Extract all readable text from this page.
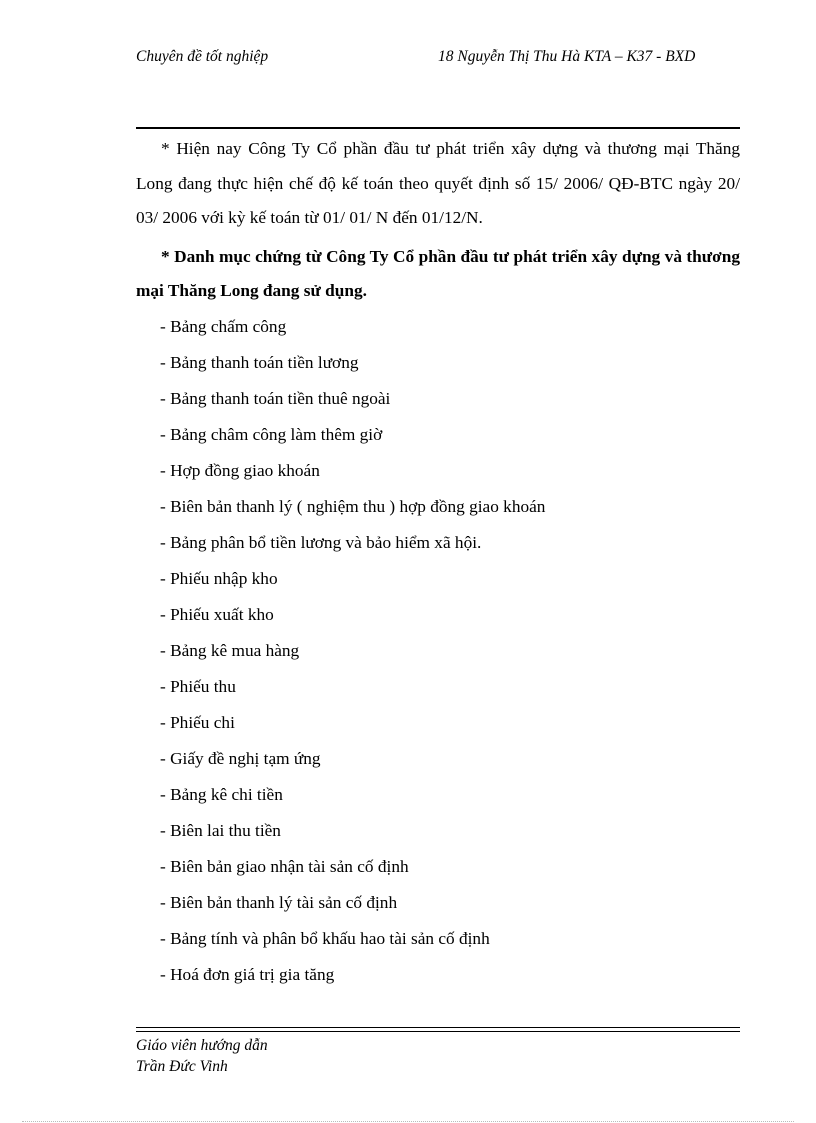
Chuyên đề tốt nghiệp	18 Nguyễn Thị Thu Hà KTA – K37 - BXD

* Hiện nay Công Ty Cổ phần đầu tư phát triển xây dựng và thương mại Thăng Long đang thực hiện chế độ kế toán theo quyết định số 15/ 2006/ QĐ-BTC ngày 20/ 03/ 2006 với kỳ kế toán từ 01/ 01/ N đến 01/12/N.

* Danh mục chứng từ Công Ty Cổ phần đầu tư phát triển xây dựng và thương mại Thăng Long đang sử dụng.

- Bảng chấm công
- Bảng thanh toán tiền lương
- Bảng thanh toán tiền thuê ngoài
- Bảng châm công làm thêm giờ
- Hợp đồng giao khoán
- Biên bản thanh lý ( nghiệm thu ) hợp đồng giao khoán
- Bảng phân bổ tiền lương và bảo hiểm xã hội.
- Phiếu nhập kho
- Phiếu xuất kho
- Bảng kê mua hàng
- Phiếu thu
- Phiếu chi
- Giấy đề nghị tạm ứng
- Bảng kê chi tiền
- Biên lai thu tiền
- Biên bản giao nhận tài sản cố định
- Biên bản thanh lý tài sản cố định
- Bảng tính và phân bổ khấu hao tài sản cố định
- Hoá đơn giá trị gia tăng
Giáo viên hướng dẫn
Trần Đức Vinh
